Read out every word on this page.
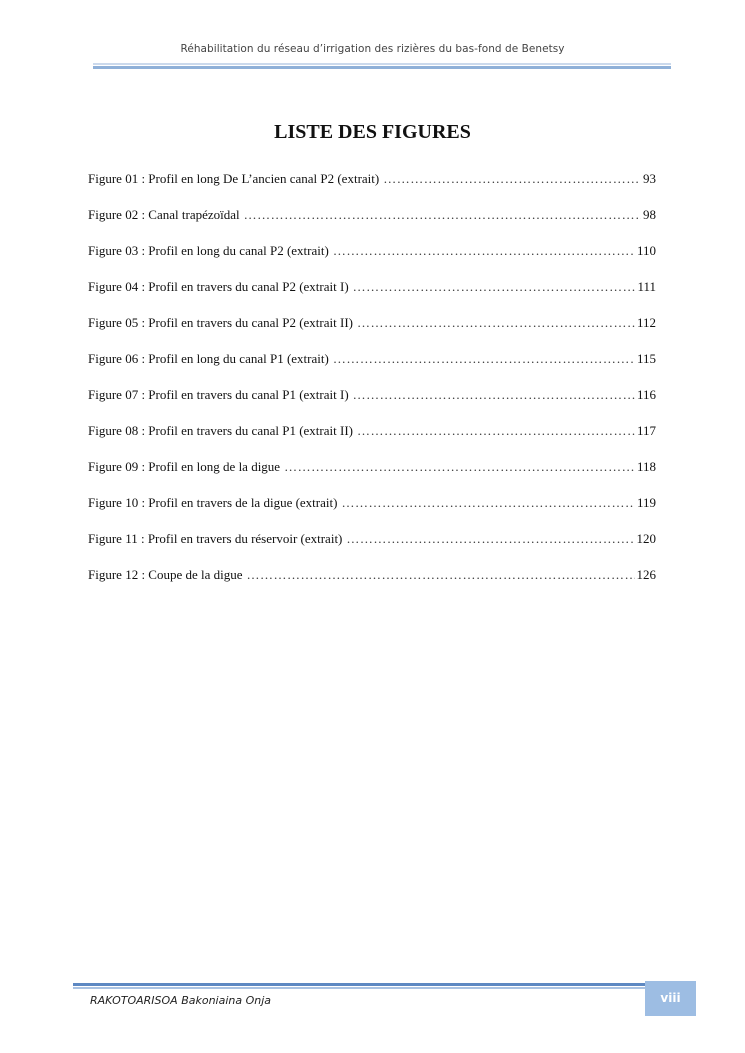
Réhabilitation du réseau d’irrigation des rizières du bas-fond de Benetsy
LISTE DES FIGURES
Figure 01 : Profil en long De L’ancien canal P2 (extrait) ……………………………………………………………………………………………………………………………………………………	93
Figure 02 : Canal trapézoïdal ……………………………………………………………………………………………………………………………………………………	98
Figure 03 : Profil en long du canal P2 (extrait) ……………………………………………………………………………………………………………………………………………………	110
Figure 04 : Profil en travers du canal P2 (extrait I) ……………………………………………………………………………………………………………………………………………………	111
Figure 05 : Profil en travers du canal P2 (extrait II) ……………………………………………………………………………………………………………………………………………………	112
Figure 06 : Profil en long du canal P1 (extrait) ……………………………………………………………………………………………………………………………………………………	115
Figure 07 : Profil en travers du canal P1 (extrait I) ……………………………………………………………………………………………………………………………………………………	116
Figure 08 : Profil en travers du canal P1 (extrait II) ……………………………………………………………………………………………………………………………………………………	117
Figure 09 : Profil en long de la digue ……………………………………………………………………………………………………………………………………………………	118
Figure 10 : Profil en travers de la digue (extrait) ……………………………………………………………………………………………………………………………………………………	119
Figure 11 : Profil en travers du réservoir (extrait) ……………………………………………………………………………………………………………………………………………………	120
Figure 12 : Coupe de la digue ……………………………………………………………………………………………………………………………………………………	126
RAKOTOARISOA Bakoniaina Onja	viii
